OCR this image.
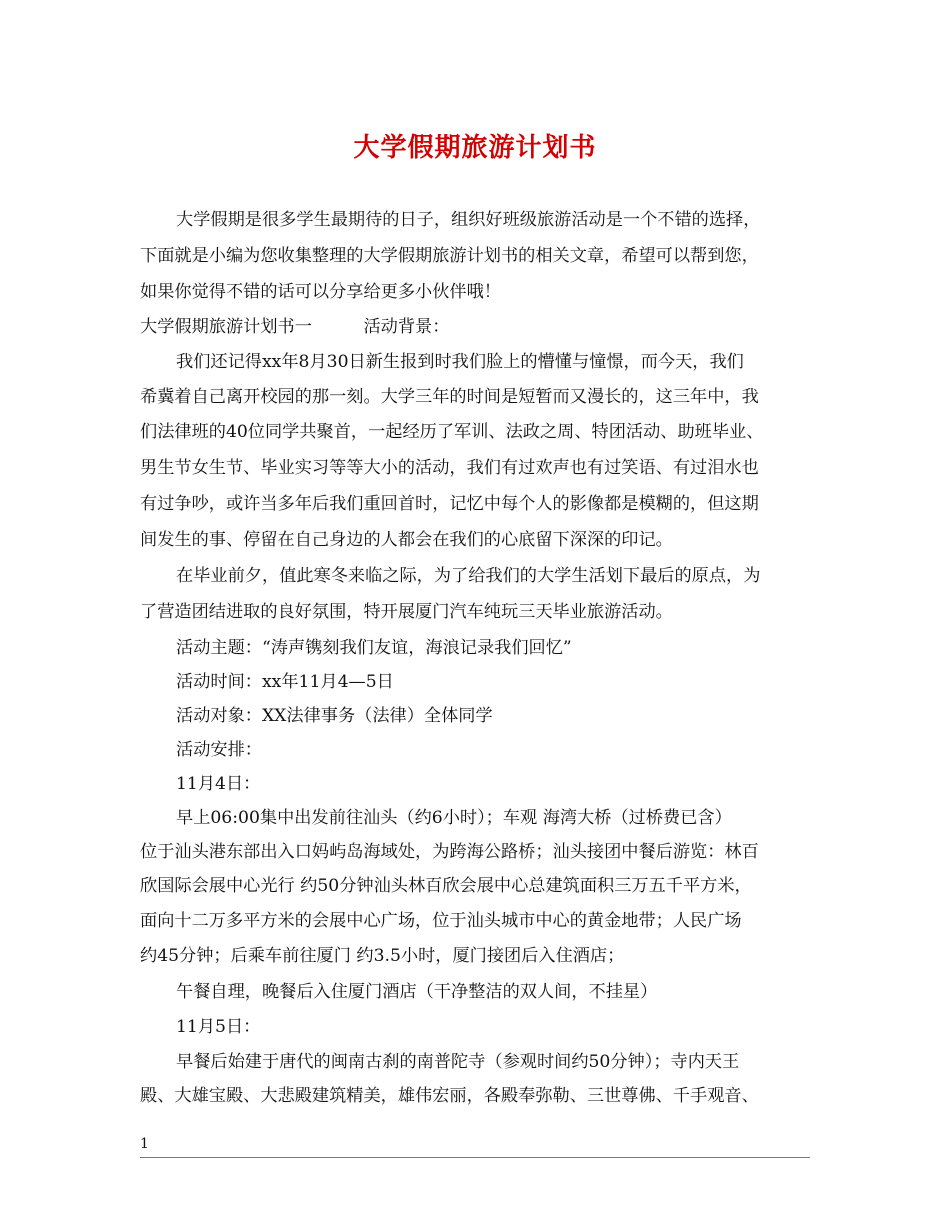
大学假期旅游计划书
大学假期是很多学生最期待的日子，组织好班级旅游活动是一个不错的选择，
下面就是小编为您收集整理的大学假期旅游计划书的相关文章，希望可以帮到您，
如果你觉得不错的话可以分享给更多小伙伴哦！
大学假期旅游计划书一　　　活动背景：
我们还记得xx年8月30日新生报到时我们脸上的懵懂与憧憬，而今天，我们
希冀着自己离开校园的那一刻。大学三年的时间是短暂而又漫长的，这三年中，我
们法律班的40位同学共聚首，一起经历了军训、法政之周、特团活动、助班毕业、
男生节女生节、毕业实习等等大小的活动，我们有过欢声也有过笑语、有过泪水也
有过争吵，或许当多年后我们重回首时，记忆中每个人的影像都是模糊的，但这期
间发生的事、停留在自己身边的人都会在我们的心底留下深深的印记。
在毕业前夕，值此寒冬来临之际，为了给我们的大学生活划下最后的原点，为
了营造团结进取的良好氛围，特开展厦门汽车纯玩三天毕业旅游活动。
活动主题：“涛声镌刻我们友谊，海浪记录我们回忆”
活动时间：xx年11月4—5日
活动对象：XX法律事务（法律）全体同学
活动安排：
11月4日：
早上06:00集中出发前往汕头（约6小时）；车观 海湾大桥（过桥费已含）
位于汕头港东部出入口妈屿岛海域处，为跨海公路桥；汕头接团中餐后游览：林百
欣国际会展中心光行 约50分钟汕头林百欣会展中心总建筑面积三万五千平方米，
面向十二万多平方米的会展中心广场，位于汕头城市中心的黄金地带；人民广场
约45分钟；后乘车前往厦门 约3.5小时，厦门接团后入住酒店；
午餐自理，晚餐后入住厦门酒店（干净整洁的双人间，不挂星）
11月5日：
早餐后始建于唐代的闽南古刹的南普陀寺（参观时间约50分钟）；寺内天王
殿、大雄宝殿、大悲殿建筑精美，雄伟宏丽，各殿奉弥勒、三世尊佛、千手观音、
1
